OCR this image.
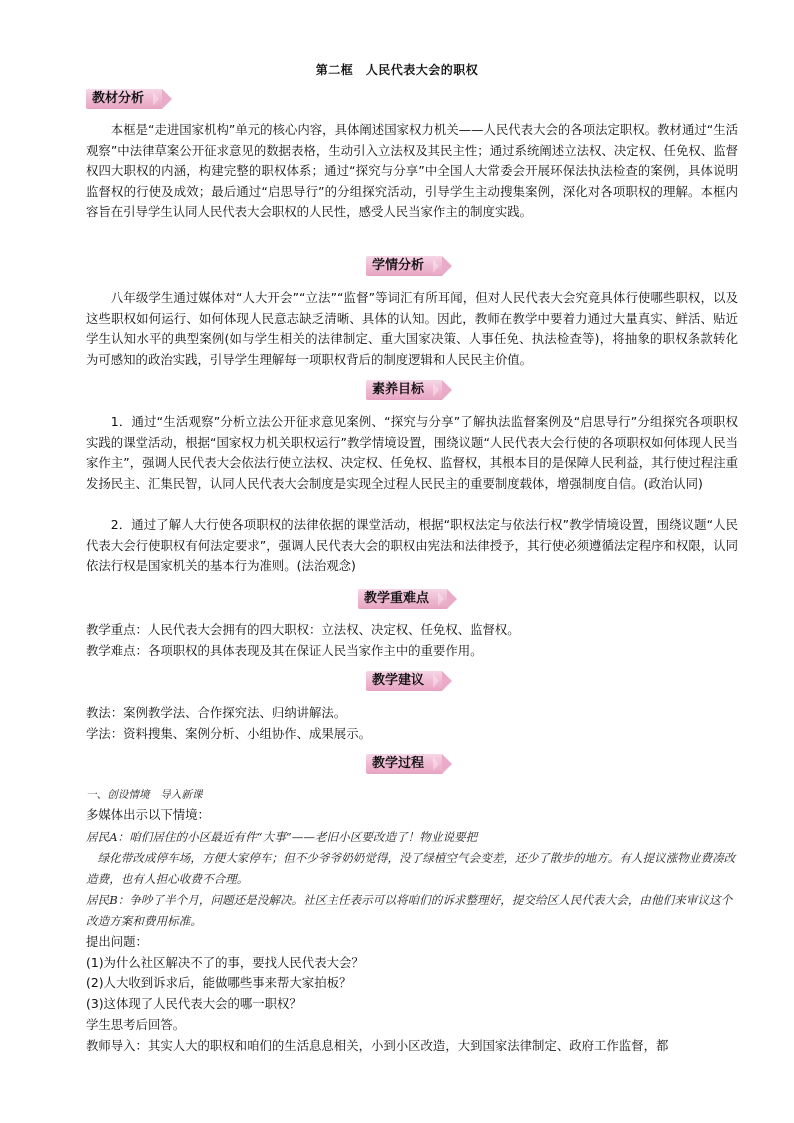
第二框　人民代表大会的职权
教材分析
本框是“走进国家机构”单元的核心内容，具体阐述国家权力机关——人民代表大会的各项法定职权。教材通过“生活观察”中法律草案公开征求意见的数据表格，生动引入立法权及其民主性；通过系统阐述立法权、决定权、任免权、监督权四大职权的内涵，构建完整的职权体系；通过“探究与分享”中全国人大常委会开展环保法执法检查的案例，具体说明监督权的行使及成效；最后通过“启思导行”的分组探究活动，引导学生主动搜集案例，深化对各项职权的理解。本框内容旨在引导学生认同人民代表大会职权的人民性，感受人民当家作主的制度实践。
学情分析
八年级学生通过媒体对“人大开会”“立法”“监督”等词汇有所耳闻，但对人民代表大会究竟具体行使哪些职权，以及这些职权如何运行、如何体现人民意志缺乏清晰、具体的认知。因此，教师在教学中要着力通过大量真实、鲜活、贴近学生认知水平的典型案例(如与学生相关的法律制定、重大国家决策、人事任免、执法检查等)，将抽象的职权条款转化为可感知的政治实践，引导学生理解每一项职权背后的制度逻辑和人民民主价值。
素养目标
1．通过“生活观察”分析立法公开征求意见案例、“探究与分享”了解执法监督案例及“启思导行”分组探究各项职权实践的课堂活动，根据“国家权力机关职权运行”教学情境设置，围绕议题“人民代表大会行使的各项职权如何体现人民当家作主”，强调人民代表大会依法行使立法权、决定权、任免权、监督权，其根本目的是保障人民利益，其行使过程注重发扬民主、汇集民智，认同人民代表大会制度是实现全过程人民民主的重要制度载体，增强制度自信。(政治认同)
2．通过了解人大行使各项职权的法律依据的课堂活动，根据“职权法定与依法行权”教学情境设置，围绕议题“人民代表大会行使职权有何法定要求”，强调人民代表大会的职权由宪法和法律授予，其行使必须遵循法定程序和权限，认同依法行权是国家机关的基本行为准则。(法治观念)
教学重难点
教学重点：人民代表大会拥有的四大职权：立法权、决定权、任免权、监督权。
教学难点：各项职权的具体表现及其在保证人民当家作主中的重要作用。
教学建议
教法：案例教学法、合作探究法、归纳讲解法。
学法：资料搜集、案例分析、小组协作、成果展示。
教学过程
一、创设情境　导入新课
多媒体出示以下情境：
居民A：咱们居住的小区最近有件“大事”——老旧小区要改造了！物业说要把
绿化带改成停车场，方便大家停车；但不少爷爷奶奶觉得，没了绿植空气会变差，还少了散步的地方。有人提议涨物业费凑改造费，也有人担心收费不合理。
居民B：争吵了半个月，问题还是没解决。社区主任表示可以将咱们的诉求整理好，提交给区人民代表大会，由他们来审议这个改造方案和费用标准。
提出问题：
(1)为什么社区解决不了的事，要找人民代表大会？
(2)人大收到诉求后，能做哪些事来帮大家拍板？
(3)这体现了人民代表大会的哪一职权？
学生思考后回答。
教师导入：其实人大的职权和咱们的生活息息相关，小到小区改造，大到国家法律制定、政府工作监督，都
